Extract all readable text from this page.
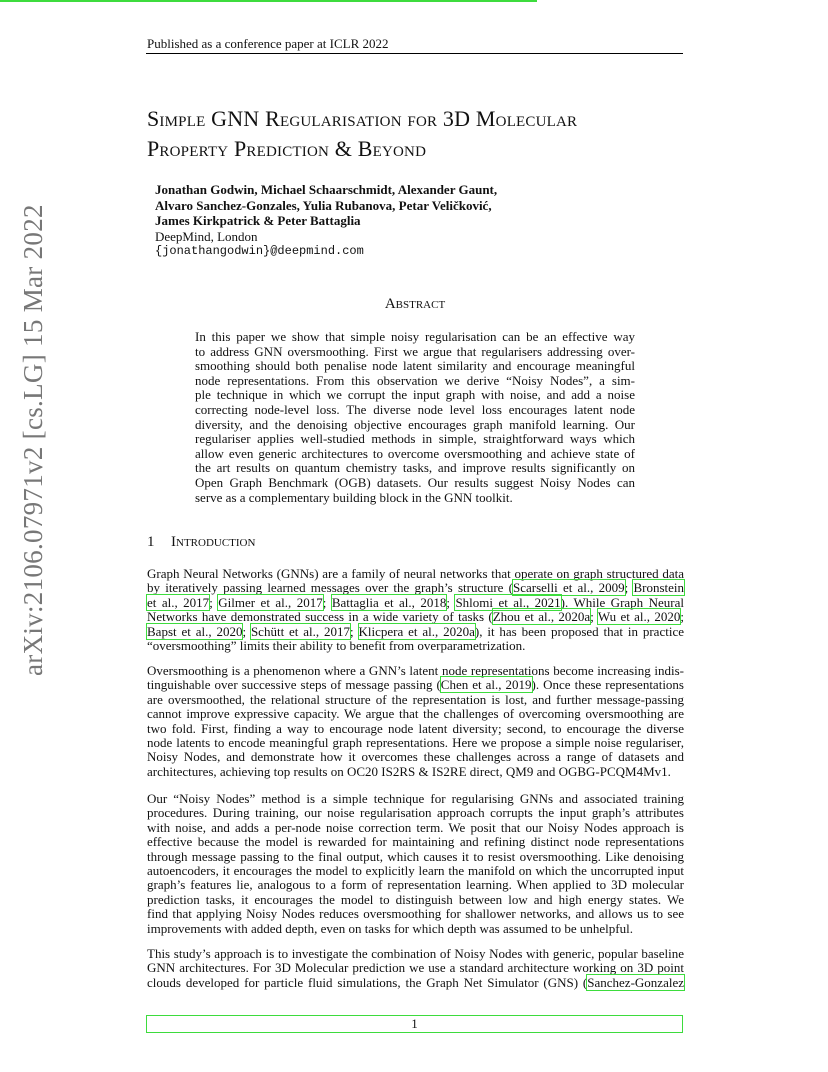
Published as a conference paper at ICLR 2022
Simple GNN Regularisation for 3D Molecular
Property Prediction & Beyond
Jonathan Godwin, Michael Schaarschmidt, Alexander Gaunt,
Alvaro Sanchez-Gonzales, Yulia Rubanova, Petar Veličković,
James Kirkpatrick & Peter Battaglia
DeepMind, London
{jonathangodwin}@deepmind.com
arXiv:2106.07971v2 [cs.LG] 15 Mar 2022	Abstract
In this paper we show that simple noisy regularisation can be an effective way
to address GNN oversmoothing. First we argue that regularisers addressing over-
smoothing should both penalise node latent similarity and encourage meaningful
node representations. From this observation we derive “Noisy Nodes”, a sim-
ple technique in which we corrupt the input graph with noise, and add a noise
correcting node-level loss. The diverse node level loss encourages latent node
diversity, and the denoising objective encourages graph manifold learning. Our
regulariser applies well-studied methods in simple, straightforward ways which
allow even generic architectures to overcome oversmoothing and achieve state of
the art results on quantum chemistry tasks, and improve results significantly on
Open Graph Benchmark (OGB) datasets. Our results suggest Noisy Nodes can
serve as a complementary building block in the GNN toolkit.
1 Introduction
Graph Neural Networks (GNNs) are a family of neural networks that operate on graph structured data
by iteratively passing learned messages over the graph’s structure (Scarselli et al., 2009; Bronstein
et al., 2017; Gilmer et al., 2017; Battaglia et al., 2018; Shlomi et al., 2021). While Graph Neural
Networks have demonstrated success in a wide variety of tasks (Zhou et al., 2020a; Wu et al., 2020;
Bapst et al., 2020; Schütt et al., 2017; Klicpera et al., 2020a), it has been proposed that in practice
“oversmoothing” limits their ability to benefit from overparametrization.
Oversmoothing is a phenomenon where a GNN’s latent node representations become increasing indis-
tinguishable over successive steps of message passing (Chen et al., 2019). Once these representations
are oversmoothed, the relational structure of the representation is lost, and further message-passing
cannot improve expressive capacity. We argue that the challenges of overcoming oversmoothing are
two fold. First, finding a way to encourage node latent diversity; second, to encourage the diverse
node latents to encode meaningful graph representations. Here we propose a simple noise regulariser,
Noisy Nodes, and demonstrate how it overcomes these challenges across a range of datasets and
architectures, achieving top results on OC20 IS2RS & IS2RE direct, QM9 and OGBG-PCQM4Mv1.
Our “Noisy Nodes” method is a simple technique for regularising GNNs and associated training
procedures. During training, our noise regularisation approach corrupts the input graph’s attributes
with noise, and adds a per-node noise correction term. We posit that our Noisy Nodes approach is
effective because the model is rewarded for maintaining and refining distinct node representations
through message passing to the final output, which causes it to resist oversmoothing. Like denoising
autoencoders, it encourages the model to explicitly learn the manifold on which the uncorrupted input
graph’s features lie, analogous to a form of representation learning. When applied to 3D molecular
prediction tasks, it encourages the model to distinguish between low and high energy states. We
find that applying Noisy Nodes reduces oversmoothing for shallower networks, and allows us to see
improvements with added depth, even on tasks for which depth was assumed to be unhelpful.
This study’s approach is to investigate the combination of Noisy Nodes with generic, popular baseline
GNN architectures. For 3D Molecular prediction we use a standard architecture working on 3D point
clouds developed for particle fluid simulations, the Graph Net Simulator (GNS) (Sanchez-Gonzalez
1
